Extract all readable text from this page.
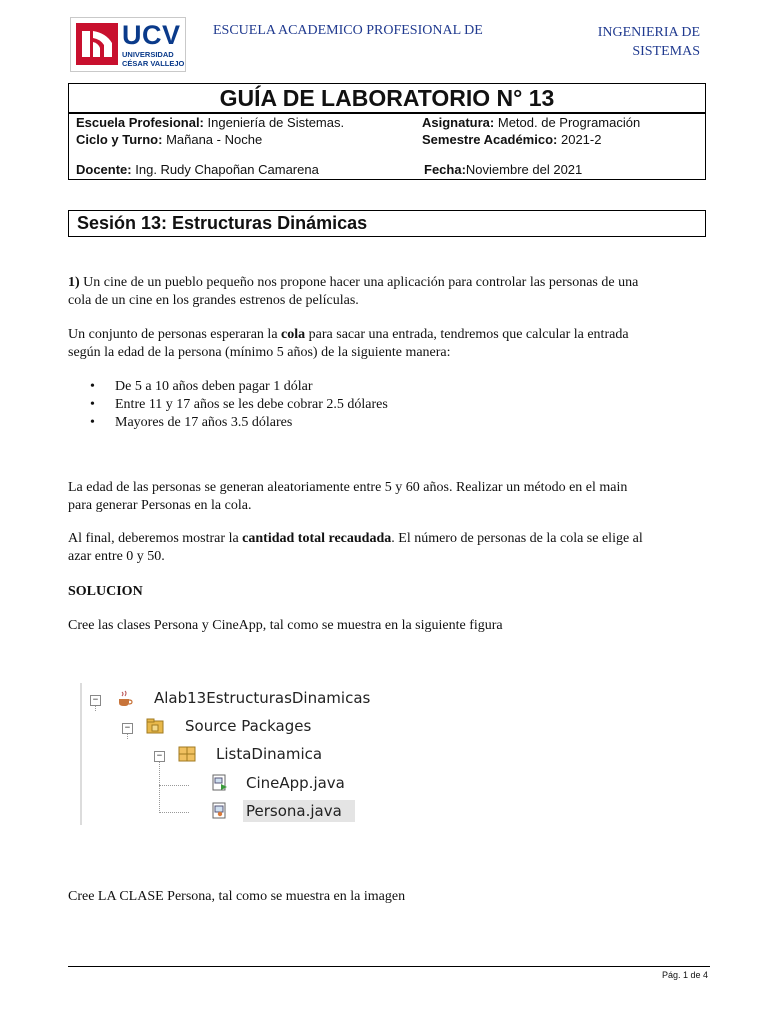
UCV
UNIVERSIDAD
CÉSAR VALLEJO
ESCUELA ACADEMICO PROFESIONAL DE	INGENIERIA DE
SISTEMAS
GUÍA DE LABORATORIO N° 13
Escuela Profesional: Ingeniería de Sistemas.	Asignatura: Metod. de Programación
Ciclo y Turno: Mañana - Noche	Semestre Académico: 2021-2
Docente: Ing. Rudy Chapoñan Camarena	Fecha:Noviembre del 2021
Sesión 13: Estructuras Dinámicas
1) Un cine de un pueblo pequeño nos propone hacer una aplicación para controlar las personas de una
cola de un cine en los grandes estrenos de películas.
Un conjunto de personas esperaran la cola para sacar una entrada, tendremos que calcular la entrada
según la edad de la persona (mínimo 5 años) de la siguiente manera:
• De 5 a 10 años deben pagar 1 dólar
• Entre 11 y 17 años se les debe cobrar 2.5 dólares
• Mayores de 17 años 3.5 dólares
La edad de las personas se generan aleatoriamente entre 5 y 60 años. Realizar un método en el main
para generar Personas en la cola.
Al final, deberemos mostrar la cantidad total recaudada. El número de personas de la cola se elige al
azar entre 0 y 50.
SOLUCION
Cree las clases Persona y CineApp, tal como se muestra en la siguiente figura
−	Alab13EstructurasDinamicas
−	Source Packages
−	ListaDinamica
CineApp.java
Persona.java
Cree LA CLASE Persona, tal como se muestra en la imagen
Pág. 1 de 4
